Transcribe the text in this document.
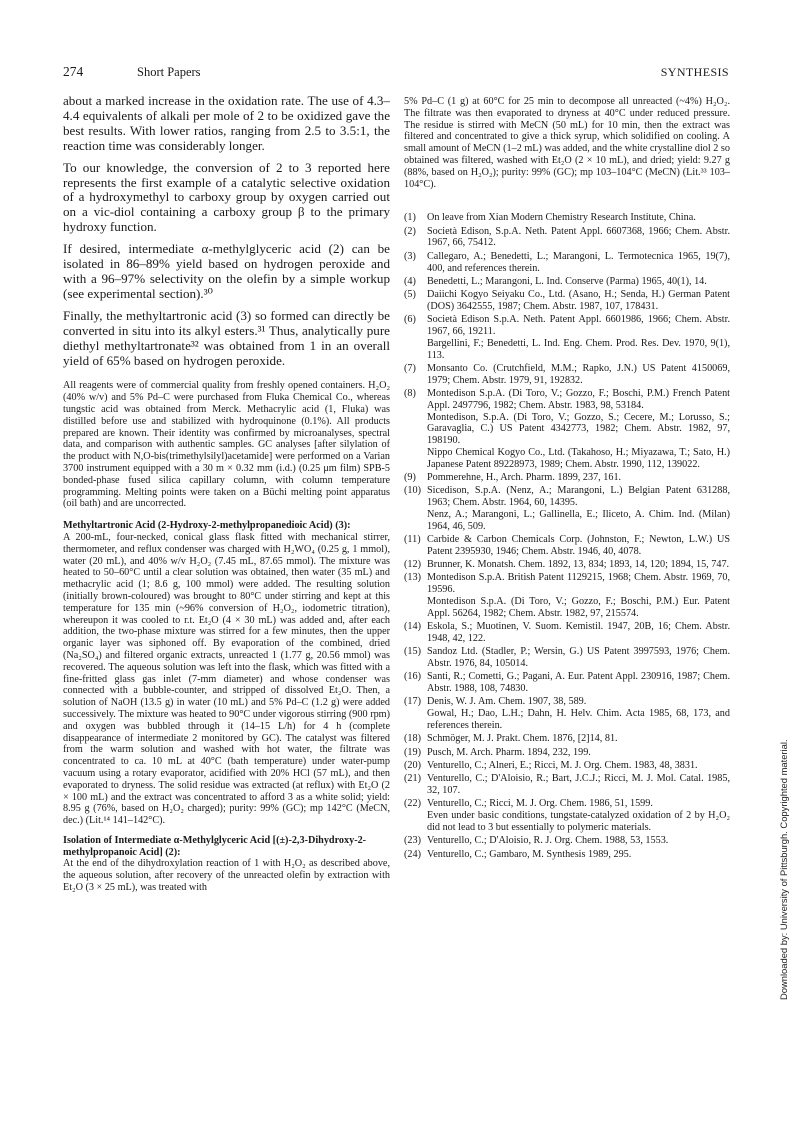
274	Short Papers	SYNTHESIS

about a marked increase in the oxidation rate. The use of 4.3–4.4 equivalents of alkali per mole of 2 to be oxidized gave the best results. With lower ratios, ranging from 2.5 to 3.5:1, the reaction time was considerably longer.

To our knowledge, the conversion of 2 to 3 reported here represents the first example of a catalytic selective oxidation of a hydroxymethyl to carboxy group by oxygen carried out on a vic-diol containing a carboxy group β to the primary hydroxy function.

If desired, intermediate α-methylglyceric acid (2) can be isolated in 86–89% yield based on hydrogen peroxide and with a 96–97% selectivity on the olefin by a simple workup (see experimental section).³⁰

Finally, the methyltartronic acid (3) so formed can directly be converted in situ into its alkyl esters.³¹ Thus, analytically pure diethyl methyltartronate³² was obtained from 1 in an overall yield of 65% based on hydrogen peroxide.

All reagents were of commercial quality from freshly opened containers. H₂O₂ (40% w/v) and 5% Pd–C were purchased from Fluka Chemical Co., whereas tungstic acid was obtained from Merck. Methacrylic acid (1, Fluka) was distilled before use and stabilized with hydroquinone (0.1%). All products prepared are known. Their identity was confirmed by microanalyses, spectral data, and comparison with authentic samples. GC analyses [after silylation of the product with N,O-bis(trimethylsilyl)acetamide] were performed on a Varian 3700 instrument equipped with a 30 m × 0.32 mm (i.d.) (0.25 μm film) SPB-5 bonded-phase fused silica capillary column, with column temperature programming. Melting points were taken on a Büchi melting point apparatus (oil bath) and are uncorrected.

Methyltartronic Acid (2-Hydroxy-2-methylpropanedioic Acid) (3):

A 200-mL, four-necked, conical glass flask fitted with mechanical stirrer, thermometer, and reflux condenser was charged with H₂WO₄ (0.25 g, 1 mmol), water (20 mL), and 40% w/v H₂O₂ (7.45 mL, 87.65 mmol). The mixture was heated to 50–60°C until a clear solution was obtained, then water (35 mL) and methacrylic acid (1; 8.6 g, 100 mmol) were added. The resulting solution (initially brown-coloured) was brought to 80°C under stirring and kept at this temperature for 135 min (~96% conversion of H₂O₂, iodometric titration), whereupon it was cooled to r.t. Et₂O (4 × 30 mL) was added and, after each addition, the two-phase mixture was stirred for a few minutes, then the upper organic layer was siphoned off. By evaporation of the combined, dried (Na₂SO₄) and filtered organic extracts, unreacted 1 (1.77 g, 20.56 mmol) was recovered. The aqueous solution was left into the flask, which was fitted with a fine-fritted glass gas inlet (7-mm diameter) and whose condenser was connected with a bubble-counter, and stripped of dissolved Et₂O. Then, a solution of NaOH (13.5 g) in water (10 mL) and 5% Pd–C (1.2 g) were added successively. The mixture was heated to 90°C under vigorous stirring (900 rpm) and oxygen was bubbled through it (14–15 L/h) for 4 h (complete disappearance of intermediate 2 monitored by GC). The catalyst was filtered from the warm solution and washed with hot water, the filtrate was concentrated to ca. 10 mL at 40°C (bath temperature) under water-pump vacuum using a rotary evaporator, acidified with 20% HCl (57 mL), and then evaporated to dryness. The solid residue was extracted (at reflux) with Et₂O (2 × 100 mL) and the extract was concentrated to afford 3 as a white solid; yield: 8.95 g (76%, based on H₂O₂ charged); purity: 99% (GC); mp 142°C (MeCN, dec.) (Lit.¹⁴ 141–142°C).

Isolation of Intermediate α-Methylglyceric Acid [(±)-2,3-Dihydroxy-2-methylpropanoic Acid] (2):

At the end of the dihydroxylation reaction of 1 with H₂O₂ as described above, the aqueous solution, after recovery of the unreacted olefin by extraction with Et₂O (3 × 25 mL), was treated with

5% Pd–C (1 g) at 60°C for 25 min to decompose all unreacted (~4%) H₂O₂. The filtrate was then evaporated to dryness at 40°C under reduced pressure. The residue is stirred with MeCN (50 mL) for 10 min, then the extract was filtered and concentrated to give a thick syrup, which solidified on cooling. A small amount of MeCN (1–2 mL) was added, and the white crystalline diol 2 so obtained was filtered, washed with Et₂O (2 × 10 mL), and dried; yield: 9.27 g (88%, based on H₂O₂); purity: 99% (GC); mp 103–104°C (MeCN) (Lit.³³ 103–104°C).

(1)	On leave from Xian Modern Chemistry Research Institute, China.
(2)	Società Edison, S.p.A. Neth. Patent Appl. 6607368, 1966; Chem. Abstr. 1967, 66, 75412.
(3)	Callegaro, A.; Benedetti, L.; Marangoni, L. Termotecnica 1965, 19(7), 400, and references therein.
(4)	Benedetti, L.; Marangoni, L. Ind. Conserve (Parma) 1965, 40(1), 14.
(5)	Daiichi Kogyo Seiyaku Co., Ltd. (Asano, H.; Senda, H.) German Patent (DOS) 3642555, 1987; Chem. Abstr. 1987, 107, 178431.
(6)	Società Edison S.p.A. Neth. Patent Appl. 6601986, 1966; Chem. Abstr. 1967, 66, 19211.
Bargellini, F.; Benedetti, L. Ind. Eng. Chem. Prod. Res. Dev. 1970, 9(1), 113.
(7)	Monsanto Co. (Crutchfield, M.M.; Rapko, J.N.) US Patent 4150069, 1979; Chem. Abstr. 1979, 91, 192832.
(8)	Montedison S.p.A. (Di Toro, V.; Gozzo, F.; Boschi, P.M.) French Patent Appl. 2497796, 1982; Chem. Abstr. 1983, 98, 53184.
Montedison, S.p.A. (Di Toro, V.; Gozzo, S.; Cecere, M.; Lorusso, S.; Garavaglia, C.) US Patent 4342773, 1982; Chem. Abstr. 1982, 97, 198190.
Nippo Chemical Kogyo Co., Ltd. (Takahoso, H.; Miyazawa, T.; Sato, H.) Japanese Patent 89228973, 1989; Chem. Abstr. 1990, 112, 139022.
(9)	Pommerehne, H., Arch. Pharm. 1899, 237, 161.
(10) Sicedison, S.p.A. (Nenz, A.; Marangoni, L.) Belgian Patent 631288, 1963; Chem. Abstr. 1964, 60, 14395.
Nenz, A.; Marangoni, L.; Gallinella, E.; Iliceto, A. Chim. Ind. (Milan) 1964, 46, 509.
(11) Carbide & Carbon Chemicals Corp. (Johnston, F.; Newton, L.W.) US Patent 2395930, 1946; Chem. Abstr. 1946, 40, 4078.
(12) Brunner, K. Monatsh. Chem. 1892, 13, 834; 1893, 14, 120; 1894, 15, 747.
(13) Montedison S.p.A. British Patent 1129215, 1968; Chem. Abstr. 1969, 70, 19596.
Montedison S.p.A. (Di Toro, V.; Gozzo, F.; Boschi, P.M.) Eur. Patent Appl. 56264, 1982; Chem. Abstr. 1982, 97, 215574.
(14) Eskola, S.; Muotinen, V. Suom. Kemistil. 1947, 20B, 16; Chem. Abstr. 1948, 42, 122.
(15) Sandoz Ltd. (Stadler, P.; Wersin, G.) US Patent 3997593, 1976; Chem. Abstr. 1976, 84, 105014.
(16) Santi, R.; Cometti, G.; Pagani, A. Eur. Patent Appl. 230916, 1987; Chem. Abstr. 1988, 108, 74830.
(17) Denis, W. J. Am. Chem. 1907, 38, 589.
Gowal, H.; Dao, L.H.; Dahn, H. Helv. Chim. Acta 1985, 68, 173, and references therein.
(18) Schmöger, M. J. Prakt. Chem. 1876, [2]14, 81.
(19) Pusch, M. Arch. Pharm. 1894, 232, 199.
(20) Venturello, C.; Alneri, E.; Ricci, M. J. Org. Chem. 1983, 48, 3831.
(21) Venturello, C.; D'Aloisio, R.; Bart, J.C.J.; Ricci, M. J. Mol. Catal. 1985, 32, 107.
(22) Venturello, C.; Ricci, M. J. Org. Chem. 1986, 51, 1599.
Even under basic conditions, tungstate-catalyzed oxidation of 2 by H₂O₂ did not lead to 3 but essentially to polymeric materials.
(23) Venturello, C.; D'Aloisio, R. J. Org. Chem. 1988, 53, 1553.
(24) Venturello, C.; Gambaro, M. Synthesis 1989, 295.	Downloaded by: University of Pittsburgh. Copyrighted material.
